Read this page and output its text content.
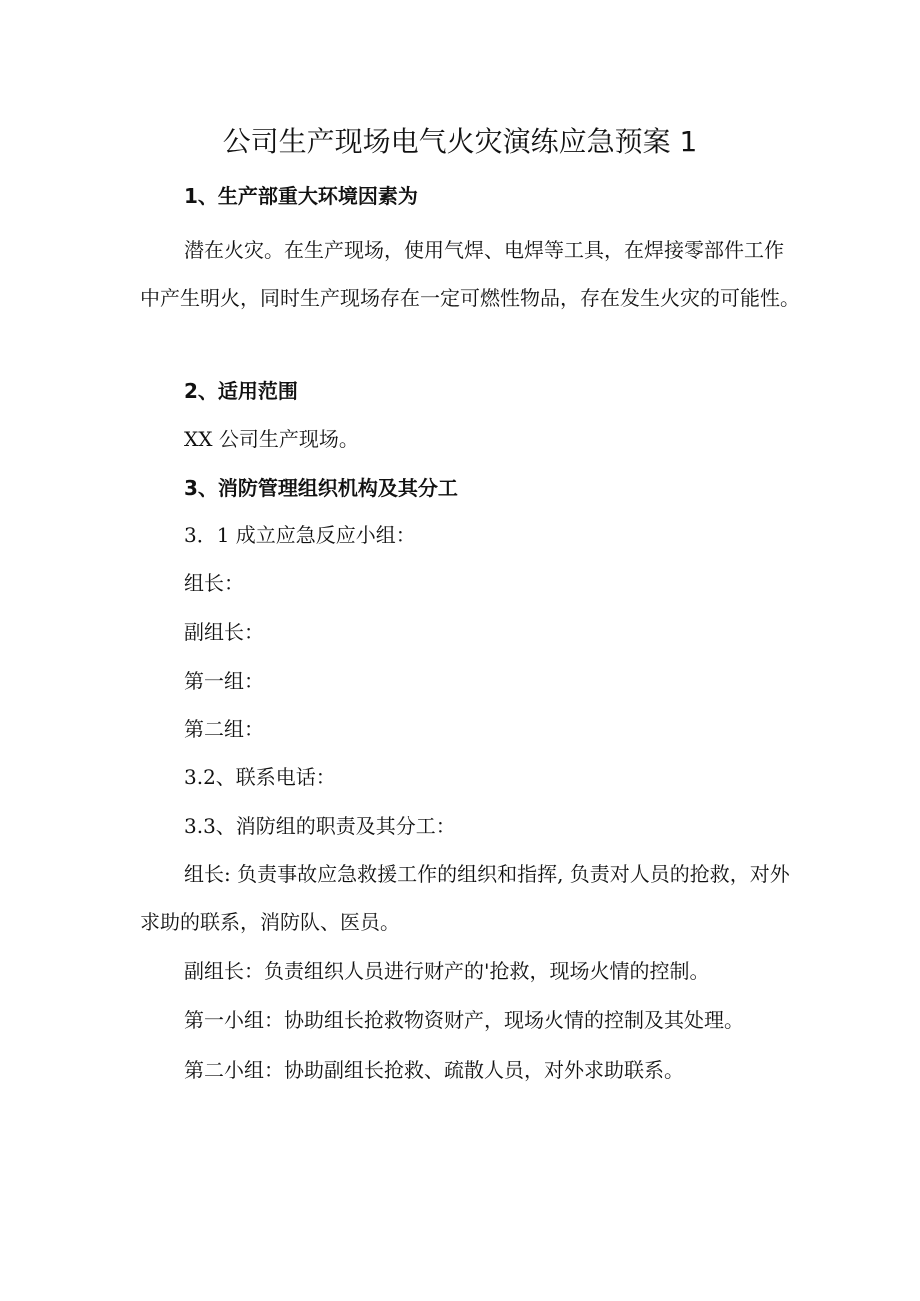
公司生产现场电气火灾演练应急预案 1

1、生产部重大环境因素为

潜在火灾。在生产现场，使用气焊、电焊等工具，在焊接零部件工作中产生明火，同时生产现场存在一定可燃性物品，存在发生火灾的可能性。

2、适用范围

XX 公司生产现场。

3、消防管理组织机构及其分工

3．1 成立应急反应小组：

组长：

副组长：

第一组：

第二组：

3.2、联系电话：

3.3、消防组的职责及其分工：

组长: 负责事故应急救援工作的组织和指挥, 负责对人员的抢救，对外求助的联系，消防队、医员。

副组长：负责组织人员进行财产的'抢救，现场火情的控制。

第一小组：协助组长抢救物资财产，现场火情的控制及其处理。

第二小组：协助副组长抢救、疏散人员，对外求助联系。
